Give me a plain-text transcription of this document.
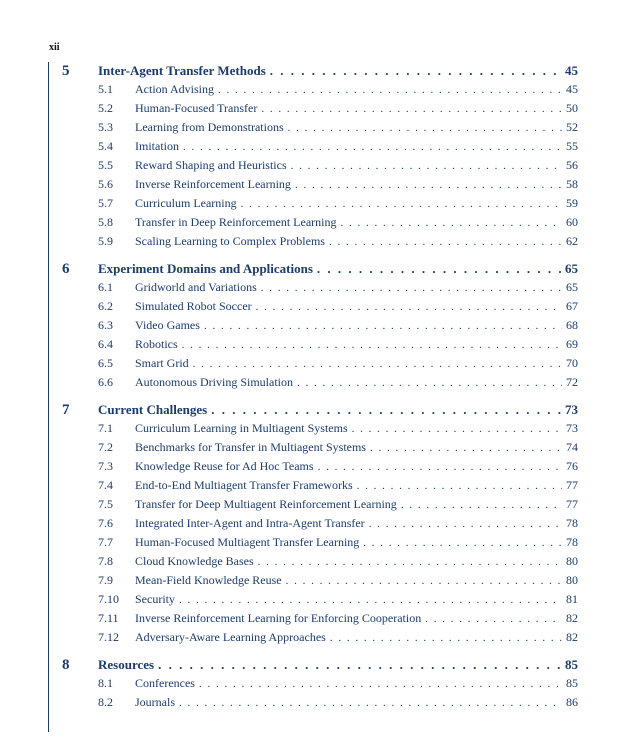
xii
5	Inter-Agent Transfer Methods . . .	45
5.1	Action Advising . . .	45
5.2	Human-Focused Transfer . . .	50
5.3	Learning from Demonstrations . . .	52
5.4	Imitation . . .	55
5.5	Reward Shaping and Heuristics . . .	56
5.6	Inverse Reinforcement Learning . . .	58
5.7	Curriculum Learning . . .	59
5.8	Transfer in Deep Reinforcement Learning . . .	60
5.9	Scaling Learning to Complex Problems . . .	62
6	Experiment Domains and Applications . . .	65
6.1	Gridworld and Variations . . .	65
6.2	Simulated Robot Soccer . . .	67
6.3	Video Games . . .	68
6.4	Robotics . . .	69
6.5	Smart Grid . . .	70
6.6	Autonomous Driving Simulation . . .	72
7	Current Challenges . . .	73
7.1	Curriculum Learning in Multiagent Systems . . .	73
7.2	Benchmarks for Transfer in Multiagent Systems . . .	74
7.3	Knowledge Reuse for Ad Hoc Teams . . .	76
7.4	End-to-End Multiagent Transfer Frameworks . . .	77
7.5	Transfer for Deep Multiagent Reinforcement Learning . . .	77
7.6	Integrated Inter-Agent and Intra-Agent Transfer . . .	78
7.7	Human-Focused Multiagent Transfer Learning . . .	78
7.8	Cloud Knowledge Bases . . .	80
7.9	Mean-Field Knowledge Reuse . . .	80
7.10	Security . . .	81
7.11	Inverse Reinforcement Learning for Enforcing Cooperation . . .	82
7.12	Adversary-Aware Learning Approaches . . .	82
8	Resources . . .	85
8.1	Conferences . . .	85
8.2	Journals . . .	86
